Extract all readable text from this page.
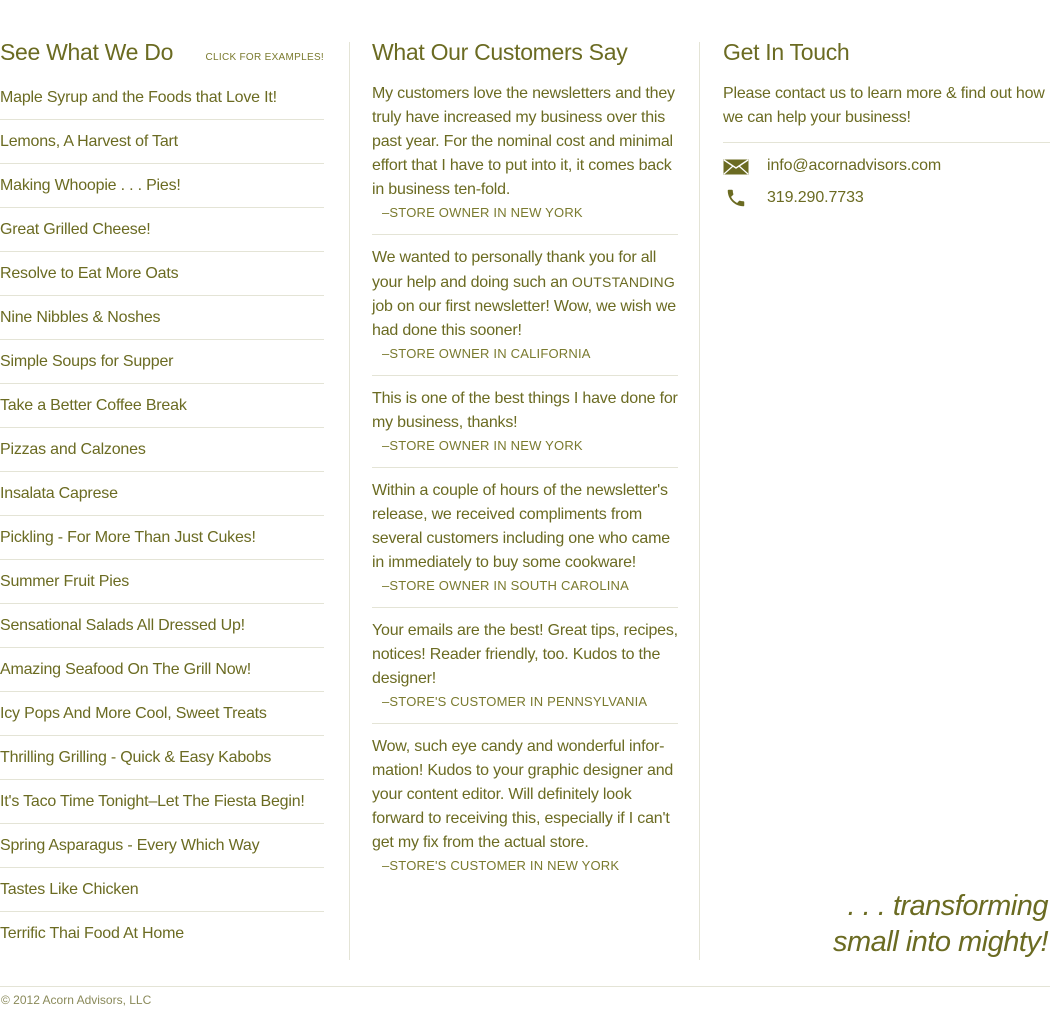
See What We Do	CLICK FOR EXAMPLES!
Maple Syrup and the Foods that Love It!
Lemons, A Harvest of Tart
Making Whoopie . . . Pies!
Great Grilled Cheese!
Resolve to Eat More Oats
Nine Nibbles & Noshes
Simple Soups for Supper
Take a Better Coffee Break
Pizzas and Calzones
Insalata Caprese
Pickling - For More Than Just Cukes!
Summer Fruit Pies
Sensational Salads All Dressed Up!
Amazing Seafood On The Grill Now!
Icy Pops And More Cool, Sweet Treats
Thrilling Grilling - Quick & Easy Kabobs
It's Taco Time Tonight–Let The Fiesta Begin!
Spring Asparagus - Every Which Way
Tastes Like Chicken
Terrific Thai Food At Home
What Our Customers Say
My customers love the newsletters and they truly have increased my business over this past year. For the nominal cost and minimal effort that I have to put into it, it comes back in business ten-fold.
–STORE OWNER IN NEW YORK
We wanted to personally thank you for all your help and doing such an OUTSTANDING job on our first newsletter! Wow, we wish we had done this sooner!
–STORE OWNER IN CALIFORNIA
This is one of the best things I have done for my business, thanks!
–STORE OWNER IN NEW YORK
Within a couple of hours of the newsletter's release, we received compliments from several customers including one who came in immediately to buy some cookware!
–STORE OWNER IN SOUTH CAROLINA
Your emails are the best! Great tips, recipes, notices! Reader friendly, too. Kudos to the designer!
–STORE'S CUSTOMER IN PENNSYLVANIA
Wow, such eye candy and wonderful infor-mation! Kudos to your graphic designer and your content editor. Will definitely look forward to receiving this, especially if I can't get my fix from the actual store.
–STORE'S CUSTOMER IN NEW YORK
Get In Touch
Please contact us to learn more & find out how we can help your business!
info@acornadvisors.com
319.290.7733
. . . transforming
small into mighty!
© 2012 Acorn Advisors, LLC
